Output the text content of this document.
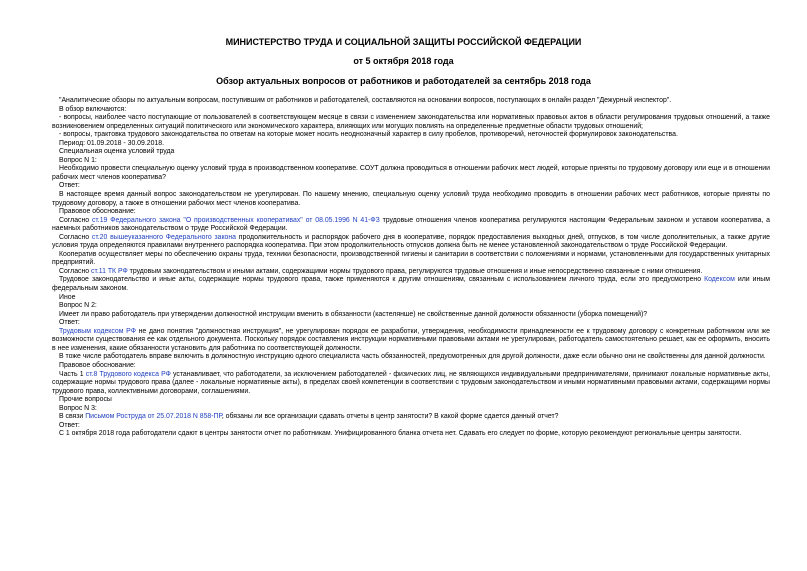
МИНИСТЕРСТВО ТРУДА И СОЦИАЛЬНОЙ ЗАЩИТЫ РОССИЙСКОЙ ФЕДЕРАЦИИ
от 5 октября 2018 года
Обзор актуальных вопросов от работников и работодателей за сентябрь 2018 года

"Аналитические обзоры по актуальным вопросам, поступившим от работников и работодателей, составляются на основании вопросов, поступающих в онлайн раздел "Дежурный инспектор".

В обзор включаются:

- вопросы, наиболее часто поступающие от пользователей в соответствующем месяце в связи с изменением законодательства или нормативных правовых актов в области регулирования трудовых отношений, а также возникновением определенных ситуаций политического или экономического характера, влияющих или могущих повлиять на определенные предметные области трудовых отношений;

- вопросы, трактовка трудового законодательства по ответам на которые может носить неоднозначный характер в силу пробелов, противоречий, неточностей формулировок законодательства.

Период: 01.09.2018 - 30.09.2018.

Специальная оценка условий труда

Вопрос N 1:

Необходимо провести специальную оценку условий труда в производственном кооперативе. СОУТ должна проводиться в отношении рабочих мест людей, которые приняты по трудовому договору или еще и в отношении рабочих мест членов кооператива?

Ответ:

В настоящее время данный вопрос законодательством не урегулирован. По нашему мнению, специальную оценку условий труда необходимо проводить в отношении рабочих мест работников, которые приняты по трудовому договору, а также в отношении рабочих мест членов кооператива.

Правовое обоснование:

Согласно ст.19 Федерального закона "О производственных кооперативах" от 08.05.1996 N 41-ФЗ трудовые отношения членов кооператива регулируются настоящим Федеральным законом и уставом кооператива, а наемных работников законодательством о труде Российской Федерации.

Согласно ст.20 вышеуказанного Федерального закона продолжительность и распорядок рабочего дня в кооперативе, порядок предоставления выходных дней, отпусков, в том числе дополнительных, а также другие условия труда определяются правилами внутреннего распорядка кооператива. При этом продолжительность отпусков должна быть не менее установленной законодательством о труде Российской Федерации.

Кооператив осуществляет меры по обеспечению охраны труда, техники безопасности, производственной гигиены и санитарии в соответствии с положениями и нормами, установленными для государственных унитарных предприятий.

Согласно ст.11 ТК РФ трудовым законодательством и иными актами, содержащими нормы трудового права, регулируются трудовые отношения и иные непосредственно связанные с ними отношения.

Трудовое законодательство и иные акты, содержащие нормы трудового права, также применяются к другим отношениям, связанным с использованием личного труда, если это предусмотрено Кодексом или иным федеральным законом.

Иное

Вопрос N 2:

Имеет ли право работодатель при утверждении должностной инструкции вменить в обязанности (кастелянше) не свойственные данной должности обязанности (уборка помещений)?

Ответ:

Трудовым кодексом РФ не дано понятия "должностная инструкция", не урегулирован порядок ее разработки, утверждения, необходимости принадлежности ее к трудовому договору с конкретным работником или же возможности существования ее как отдельного документа. Поскольку порядок составления инструкции нормативными правовыми актами не урегулирован, работодатель самостоятельно решает, как ее оформить, вносить в нее изменения, какие обязанности установить для работника по соответствующей должности.

В тоже числе работодатель вправе включить в должностную инструкцию одного специалиста часть обязанностей, предусмотренных для другой должности, даже если обычно они не свойственны для данной должности.

Правовое обоснование:

Часть 1 ст.8 Трудового кодекса РФ устанавливает, что работодатели, за исключением работодателей - физических лиц, не являющихся индивидуальными предпринимателями, принимают локальные нормативные акты, содержащие нормы трудового права (далее - локальные нормативные акты), в пределах своей компетенции в соответствии с трудовым законодательством и иными нормативными правовыми актами, содержащими нормы трудового права, коллективными договорами, соглашениями.

Прочие вопросы

Вопрос N 3:

В связи Письмом Роструда от 25.07.2018 N 858-ПР, обязаны ли все организации сдавать отчеты в центр занятости? В какой форме сдается данный отчет?

Ответ:

С 1 октября 2018 года работодатели сдают в центры занятости отчет по работникам. Унифицированного бланка отчета нет. Сдавать его следует по форме, которую рекомендуют региональные центры занятости.
